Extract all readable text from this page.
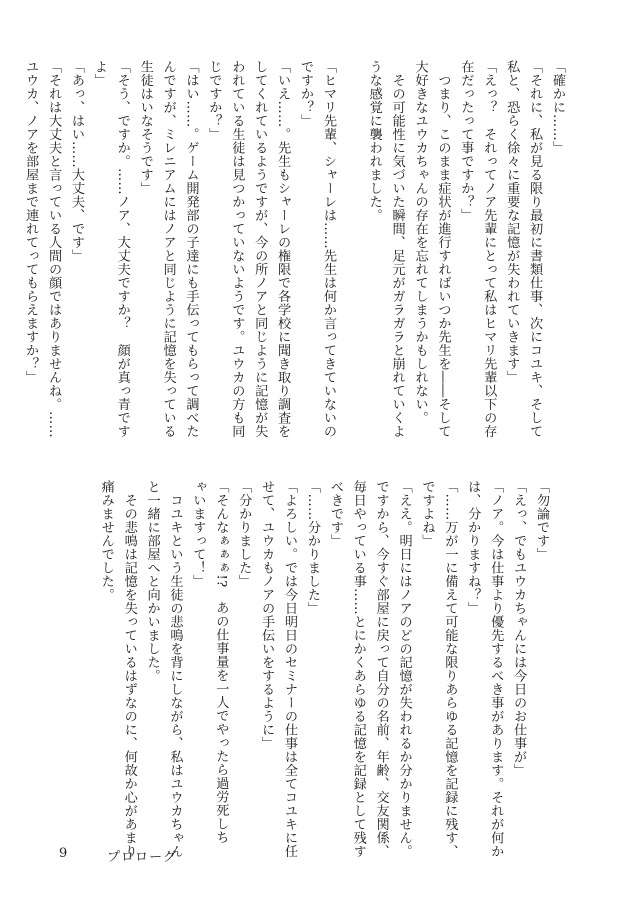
「確かに……」
「それに、私が見る限り最初に書類仕事、次にコユキ、そして
私と、恐らく徐々に重要な記憶が失われていきます」
「えっ？　それってノア先輩にとって私はヒマリ先輩以下の存
在だったって事ですか？」
　つまり、このまま症状が進行すればいつか先生を――そして
大好きなユウカちゃんの存在を忘れてしまうかもしれない。
　その可能性に気づいた瞬間、足元がガラガラと崩れていくよ
うな感覚に襲われました。

「ヒマリ先輩、シャーレは……先生は何か言ってきていないの
ですか？」
「いえ……。先生もシャーレの権限で各学校に聞き取り調査を
してくれているようですが、今の所ノアと同じように記憶が失
われている生徒は見つかっていないようです。ユウカの方も同
じですか？」
「はい……。ゲーム開発部の子達にも手伝ってもらって調べた
んですが、ミレニアムにはノアと同じように記憶を失っている
生徒はいなそうです」
「そう、ですか。……ノア、大丈夫ですか？　顔が真っ青です
よ」
「あっ、はい……大丈夫、です」
「それは大丈夫と言っている人間の顔ではありませんね。……
ユウカ、ノアを部屋まで連れてってもらえますか？」
「勿論です」
「えっ、でもユウカちゃんには今日のお仕事が」
「ノア。今は仕事より優先するべき事があります。それが何か
は、分かりますね？」
「……万が一に備えて可能な限りあらゆる記憶を記録に残す、
ですよね」
「ええ。明日にはノアのどの記憶が失われるか分かりません。
ですから、今すぐ部屋に戻って自分の名前、年齢、交友関係、
毎日やっている事……とにかくあらゆる記憶を記録として残す
べきです」
「……分かりました」
「よろしい。では今日明日のセミナーの仕事は全てコユキに任
せて、ユウカもノアの手伝いをするように」
「分かりました」
「そんなぁぁぁ!?　あの仕事量を一人でやったら過労死しち
ゃいますって！」
　コユキという生徒の悲鳴を背にしながら、私はユウカちゃん
と一緒に部屋へと向かいました。
　その悲鳴は記憶を失っているはずなのに、何故か心があまり
痛みませんでした。
9	プロローグ
